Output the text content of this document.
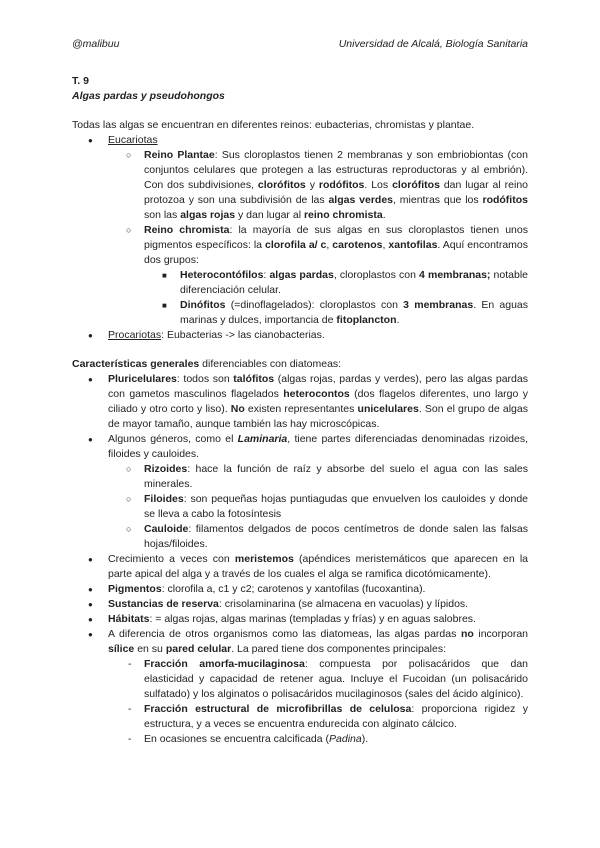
@malibuu	Universidad de Alcalá, Biología Sanitaria

T. 9

Algas pardas y pseudohongos

Todas las algas se encuentran en diferentes reinos: eubacterias, chromistas y plantae.

● Eucariotas
○ Reino Plantae: Sus cloroplastos tienen 2 membranas y son embriobiontas (con conjuntos celulares que protegen a las estructuras reproductoras y al embrión). Con dos subdivisiones, clorófitos y rodófitos. Los clorófitos dan lugar al reino protozoa y son una subdivisión de las algas verdes, mientras que los rodófitos son las algas rojas y dan lugar al reino chromista.
○ Reino chromista: la mayoría de sus algas en sus cloroplastos tienen unos pigmentos específicos: la clorofila a/ c, carotenos, xantofilas. Aquí encontramos dos grupos:
■ Heterocontófilos: algas pardas, cloroplastos con 4 membranas; notable diferenciación celular.
■ Dinófitos (=dinoflagelados): cloroplastos con 3 membranas. En aguas marinas y dulces, importancia de fitoplancton.
● Procariotas: Eubacterias -> las cianobacterias.

Características generales diferenciables con diatomeas:

● Pluricelulares: todos son talófitos (algas rojas, pardas y verdes), pero las algas pardas con gametos masculinos flagelados heterocontos (dos flagelos diferentes, uno largo y ciliado y otro corto y liso). No existen representantes unicelulares. Son el grupo de algas de mayor tamaño, aunque también las hay microscópicas.
● Algunos géneros, como el Laminaria, tiene partes diferenciadas denominadas rizoides, filoides y cauloides.
○ Rizoides: hace la función de raíz y absorbe del suelo el agua con las sales minerales.
○ Filoides: son pequeñas hojas puntiagudas que envuelven los cauloides y donde se lleva a cabo la fotosíntesis
○ Cauloide: filamentos delgados de pocos centímetros de donde salen las falsas hojas/filoides.
● Crecimiento a veces con meristemos (apéndices meristemáticos que aparecen en la parte apical del alga y a través de los cuales el alga se ramifica dicotómicamente).
● Pigmentos: clorofila a, c1 y c2; carotenos y xantofilas (fucoxantina).
● Sustancias de reserva: crisolaminarina (se almacena en vacuolas) y lípidos.
● Hábitats: = algas rojas, algas marinas (templadas y frías) y en aguas salobres.
● A diferencia de otros organismos como las diatomeas, las algas pardas no incorporan sílice en su pared celular. La pared tiene dos componentes principales:
- Fracción amorfa-mucilaginosa: compuesta por polisacáridos que dan elasticidad y capacidad de retener agua. Incluye el Fucoidan (un polisacárido sulfatado) y los alginatos o polisacáridos mucilaginosos (sales del ácido algínico).
- Fracción estructural de microfibrillas de celulosa: proporciona rigidez y estructura, y a veces se encuentra endurecida con alginato cálcico.
- En ocasiones se encuentra calcificada (Padina).
